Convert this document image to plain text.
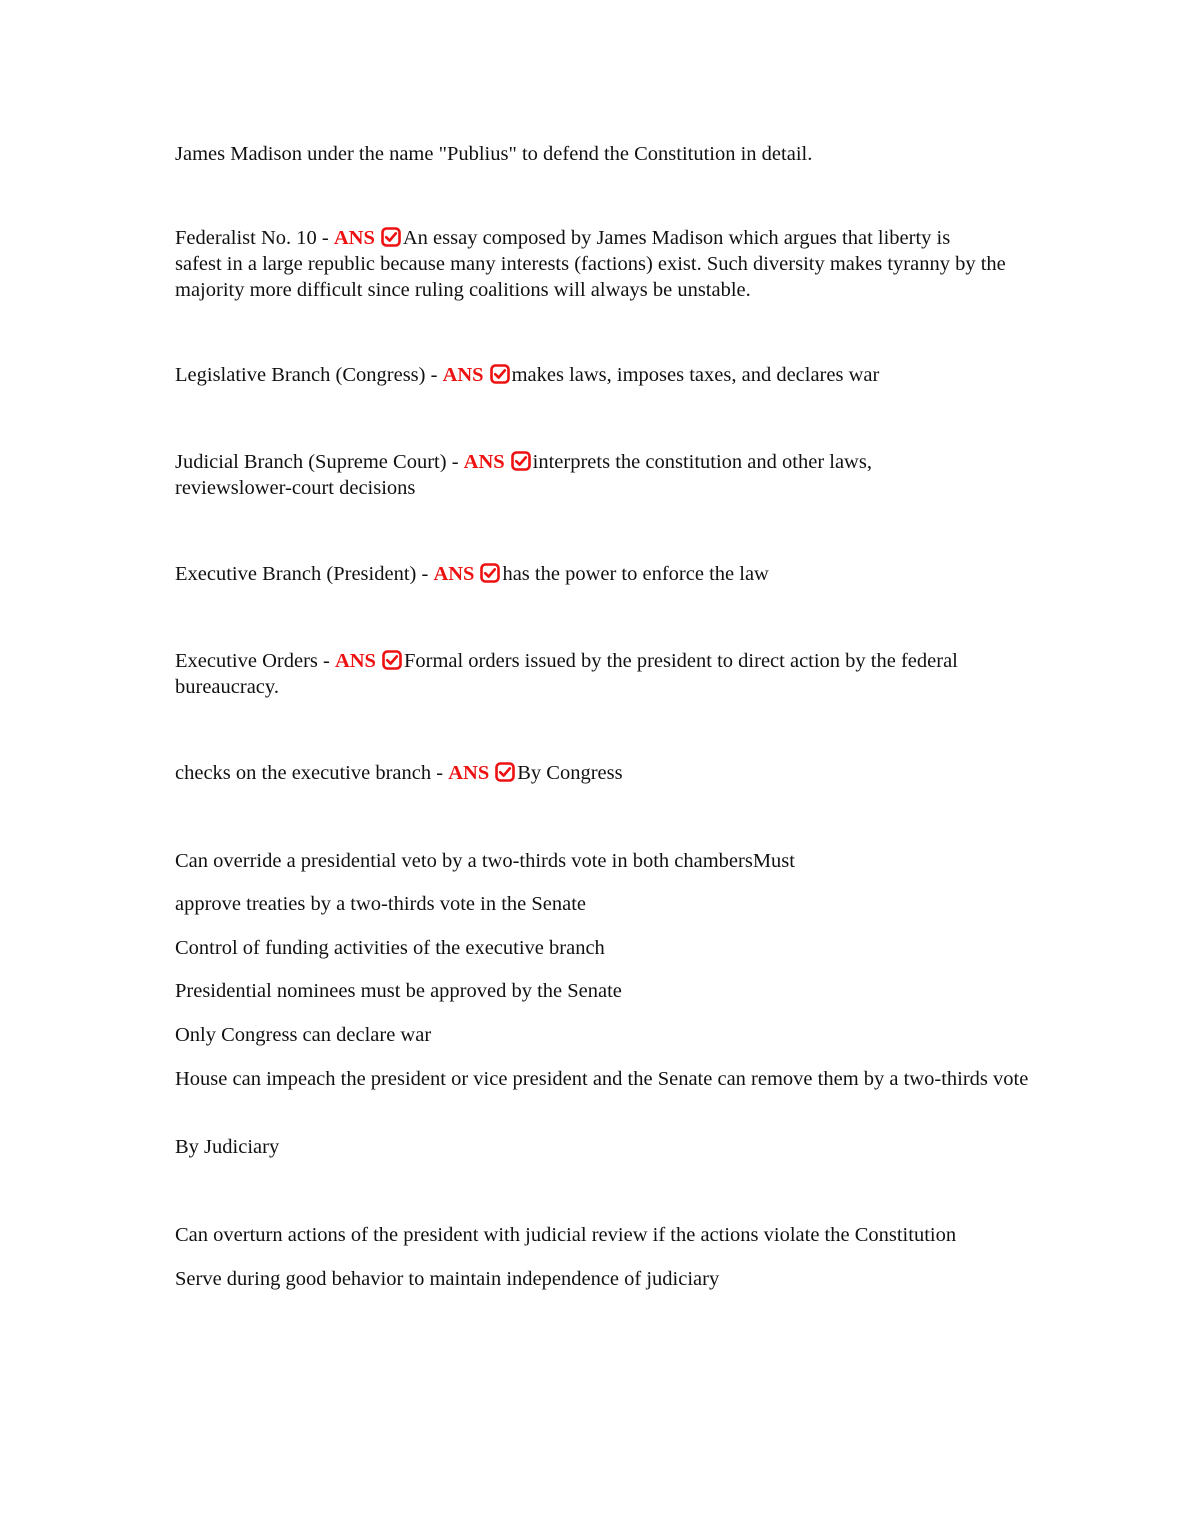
James Madison under the name "Publius" to defend the Constitution in detail.

Federalist No. 10 - ANS An essay composed by James Madison which argues that liberty is
safest in a large republic because many interests (factions) exist. Such diversity makes tyranny by the majority more difficult since ruling coalitions will always be unstable.

Legislative Branch (Congress) - ANS makes laws, imposes taxes, and declares war

Judicial Branch (Supreme Court) - ANS interprets the constitution and other laws,
reviewslower-court decisions

Executive Branch (President) - ANS has the power to enforce the law

Executive Orders - ANS Formal orders issued by the president to direct action by the federal
bureaucracy.

checks on the executive branch - ANS By Congress

Can override a presidential veto by a two-thirds vote in both chambersMust

approve treaties by a two-thirds vote in the Senate

Control of funding activities of the executive branch

Presidential nominees must be approved by the Senate

Only Congress can declare war

House can impeach the president or vice president and the Senate can remove them by a two-thirds vote

By Judiciary

Can overturn actions of the president with judicial review if the actions violate the Constitution

Serve during good behavior to maintain independence of judiciary
